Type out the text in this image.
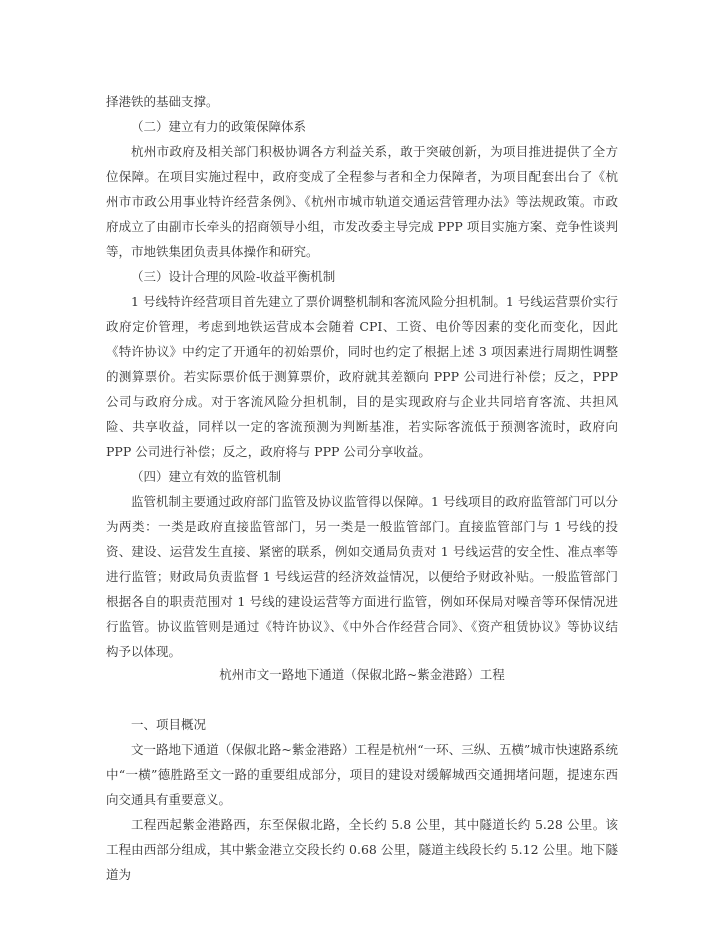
择港铁的基础支撑。

（二）建立有力的政策保障体系

杭州市政府及相关部门积极协调各方利益关系，敢于突破创新，为项目推进提供了全方位保障。在项目实施过程中，政府变成了全程参与者和全力保障者，为项目配套出台了《杭州市市政公用事业特许经营条例》、《杭州市城市轨道交通运营管理办法》等法规政策。市政府成立了由副市长牵头的招商领导小组，市发改委主导完成 PPP 项目实施方案、竞争性谈判等，市地铁集团负责具体操作和研究。

（三）设计合理的风险-收益平衡机制

1 号线特许经营项目首先建立了票价调整机制和客流风险分担机制。1 号线运营票价实行政府定价管理，考虑到地铁运营成本会随着 CPI、工资、电价等因素的变化而变化，因此《特许协议》中约定了开通年的初始票价，同时也约定了根据上述 3 项因素进行周期性调整的测算票价。若实际票价低于测算票价，政府就其差额向 PPP 公司进行补偿；反之，PPP 公司与政府分成。对于客流风险分担机制，目的是实现政府与企业共同培育客流、共担风险、共享收益，同样以一定的客流预测为判断基准，若实际客流低于预测客流时，政府向 PPP 公司进行补偿；反之，政府将与 PPP 公司分享收益。

（四）建立有效的监管机制

监管机制主要通过政府部门监管及协议监管得以保障。1 号线项目的政府监管部门可以分为两类：一类是政府直接监管部门，另一类是一般监管部门。直接监管部门与 1 号线的投资、建设、运营发生直接、紧密的联系，例如交通局负责对 1 号线运营的安全性、准点率等进行监管；财政局负责监督 1 号线运营的经济效益情况，以便给予财政补贴。一般监管部门根据各自的职责范围对 1 号线的建设运营等方面进行监管，例如环保局对噪音等环保情况进行监管。协议监管则是通过《特许协议》、《中外合作经营合同》、《资产租赁协议》等协议结构予以体现。

杭州市文一路地下通道（保俶北路~紫金港路）工程

一、项目概况

文一路地下通道（保俶北路~紫金港路）工程是杭州“一环、三纵、五横”城市快速路系统中“一横”德胜路至文一路的重要组成部分，项目的建设对缓解城西交通拥堵问题，提速东西向交通具有重要意义。

工程西起紫金港路西，东至保俶北路，全长约 5.8 公里，其中隧道长约 5.28 公里。该工程由西部分组成，其中紫金港立交段长约 0.68 公里，隧道主线段长约 5.12 公里。地下隧道为
